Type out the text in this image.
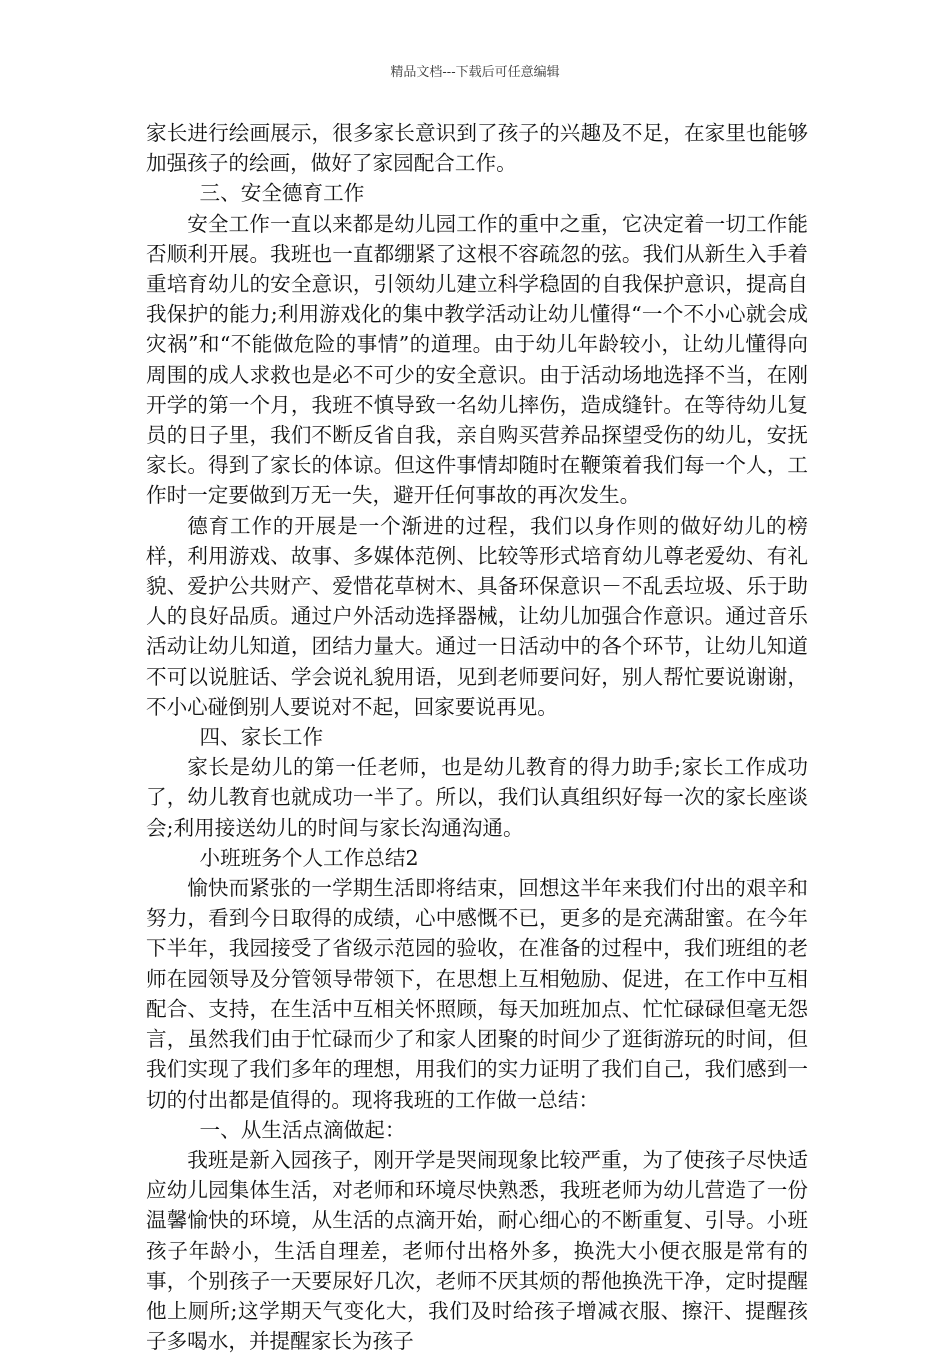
精品文档---下载后可任意编辑

家长进行绘画展示，很多家长意识到了孩子的兴趣及不足，在家里也能够加强孩子的绘画，做好了家园配合工作。

三、安全德育工作

安全工作一直以来都是幼儿园工作的重中之重，它决定着一切工作能否顺利开展。我班也一直都绷紧了这根不容疏忽的弦。我们从新生入手着重培育幼儿的安全意识，引领幼儿建立科学稳固的自我保护意识，提高自我保护的能力;利用游戏化的集中教学活动让幼儿懂得“一个不小心就会成灾祸”和“不能做危险的事情”的道理。由于幼儿年龄较小，让幼儿懂得向周围的成人求救也是必不可少的安全意识。由于活动场地选择不当，在刚开学的第一个月，我班不慎导致一名幼儿摔伤，造成缝针。在等待幼儿复员的日子里，我们不断反省自我，亲自购买营养品探望受伤的幼儿，安抚家长。得到了家长的体谅。但这件事情却随时在鞭策着我们每一个人，工作时一定要做到万无一失，避开任何事故的再次发生。

德育工作的开展是一个渐进的过程，我们以身作则的做好幼儿的榜样，利用游戏、故事、多媒体范例、比较等形式培育幼儿尊老爱幼、有礼貌、爱护公共财产、爱惜花草树木、具备环保意识－不乱丢垃圾、乐于助人的良好品质。通过户外活动选择器械，让幼儿加强合作意识。通过音乐活动让幼儿知道，团结力量大。通过一日活动中的各个环节，让幼儿知道不可以说脏话、学会说礼貌用语，见到老师要问好，别人帮忙要说谢谢，不小心碰倒别人要说对不起，回家要说再见。

四、家长工作

家长是幼儿的第一任老师，也是幼儿教育的得力助手;家长工作成功了，幼儿教育也就成功一半了。所以，我们认真组织好每一次的家长座谈会;利用接送幼儿的时间与家长沟通沟通。

小班班务个人工作总结2

愉快而紧张的一学期生活即将结束，回想这半年来我们付出的艰辛和努力，看到今日取得的成绩，心中感慨不已，更多的是充满甜蜜。在今年下半年，我园接受了省级示范园的验收，在准备的过程中，我们班组的老师在园领导及分管领导带领下，在思想上互相勉励、促进，在工作中互相配合、支持，在生活中互相关怀照顾，每天加班加点、忙忙碌碌但毫无怨言，虽然我们由于忙碌而少了和家人团聚的时间少了逛街游玩的时间，但我们实现了我们多年的理想，用我们的实力证明了我们自己，我们感到一切的付出都是值得的。现将我班的工作做一总结：

一、从生活点滴做起：

我班是新入园孩子，刚开学是哭闹现象比较严重，为了使孩子尽快适应幼儿园集体生活，对老师和环境尽快熟悉，我班老师为幼儿营造了一份温馨愉快的环境，从生活的点滴开始，耐心细心的不断重复、引导。小班孩子年龄小，生活自理差，老师付出格外多，换洗大小便衣服是常有的事，个别孩子一天要尿好几次，老师不厌其烦的帮他换洗干净，定时提醒他上厕所;这学期天气变化大，我们及时给孩子增减衣服、擦汗、提醒孩子多喝水，并提醒家长为孩子
